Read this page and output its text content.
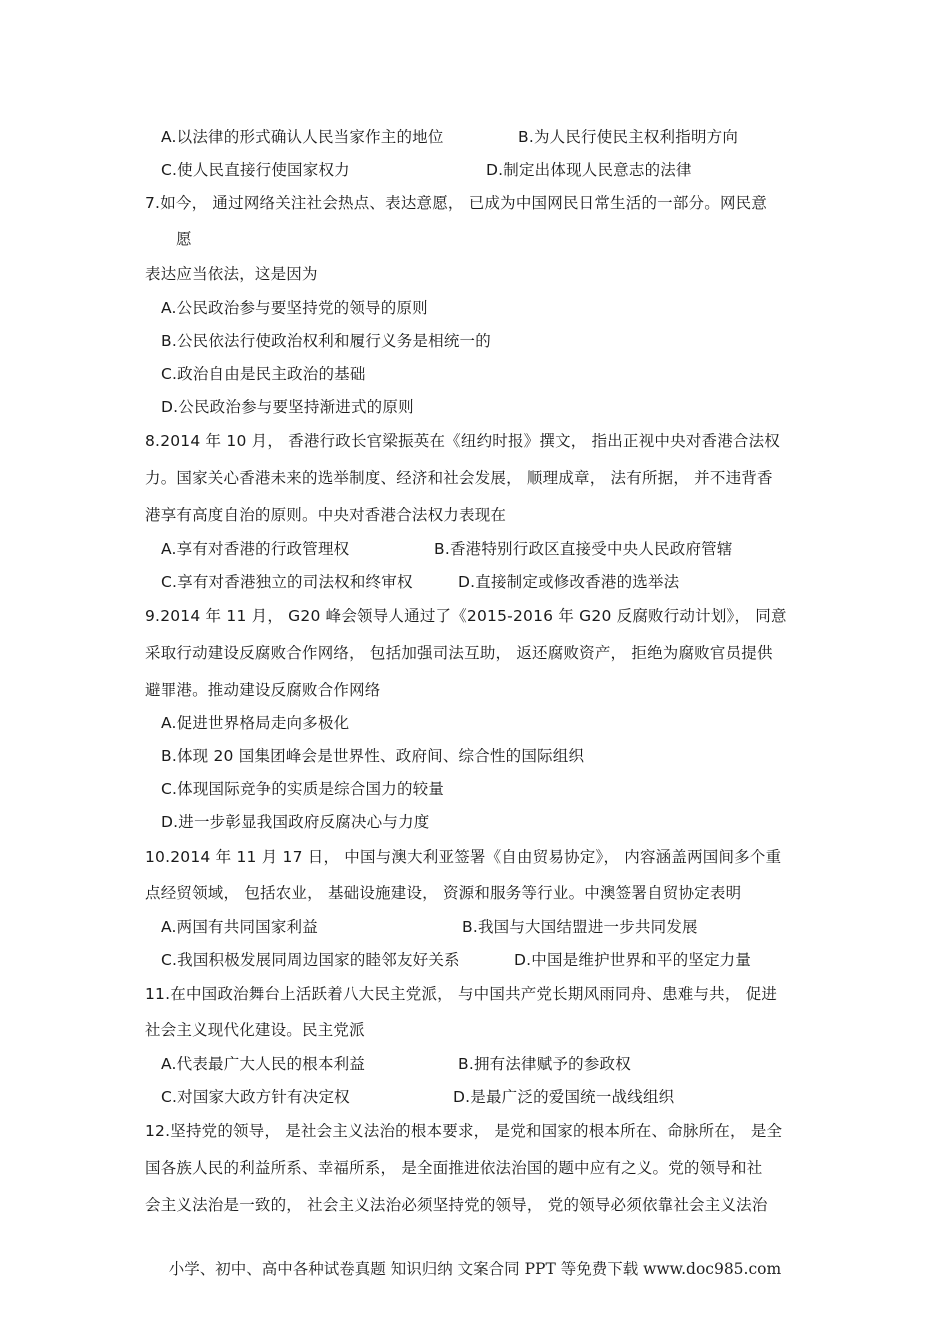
A.以法律的形式确认人民当家作主的地位	B.为人民行使民主权利指明方向
C.使人民直接行使国家权力	D.制定出体现人民意志的法律
7.如今， 通过网络关注社会热点、表达意愿， 已成为中国网民日常生活的一部分。网民意
愿
表达应当依法，这是因为
A.公民政治参与要坚持党的领导的原则
B.公民依法行使政治权利和履行义务是相统一的
C.政治自由是民主政治的基础
D.公民政治参与要坚持渐进式的原则
8.2014 年 10 月， 香港行政长官梁振英在《纽约时报》撰文， 指出正视中央对香港合法权
力。国家关心香港未来的选举制度、经济和社会发展， 顺理成章， 法有所据， 并不违背香
港享有高度自治的原则。中央对香港合法权力表现在
A.享有对香港的行政管理权	B.香港特别行政区直接受中央人民政府管辖
C.享有对香港独立的司法权和终审权	D.直接制定或修改香港的选举法
9.2014 年 11 月， G20 峰会领导人通过了《2015-2016 年 G20 反腐败行动计划》， 同意
采取行动建设反腐败合作网络， 包括加强司法互助， 返还腐败资产， 拒绝为腐败官员提供
避罪港。推动建设反腐败合作网络
A.促进世界格局走向多极化
B.体现 20 国集团峰会是世界性、政府间、综合性的国际组织
C.体现国际竞争的实质是综合国力的较量
D.进一步彰显我国政府反腐决心与力度
10.2014 年 11 月 17 日， 中国与澳大利亚签署《自由贸易协定》， 内容涵盖两国间多个重
点经贸领域， 包括农业， 基础设施建设， 资源和服务等行业。中澳签署自贸协定表明
A.两国有共同国家利益	B.我国与大国结盟进一步共同发展
C.我国积极发展同周边国家的睦邻友好关系	D.中国是维护世界和平的坚定力量
11.在中国政治舞台上活跃着八大民主党派， 与中国共产党长期风雨同舟、患难与共， 促进
社会主义现代化建设。民主党派
A.代表最广大人民的根本利益	B.拥有法律赋予的参政权
C.对国家大政方针有决定权	D.是最广泛的爱国统一战线组织
12.坚持党的领导， 是社会主义法治的根本要求， 是党和国家的根本所在、命脉所在， 是全
国各族人民的利益所系、幸福所系， 是全面推进依法治国的题中应有之义。党的领导和社
会主义法治是一致的， 社会主义法治必须坚持党的领导， 党的领导必须依靠社会主义法治
小学、初中、高中各种试卷真题 知识归纳 文案合同 PPT 等免费下载 www.doc985.com
